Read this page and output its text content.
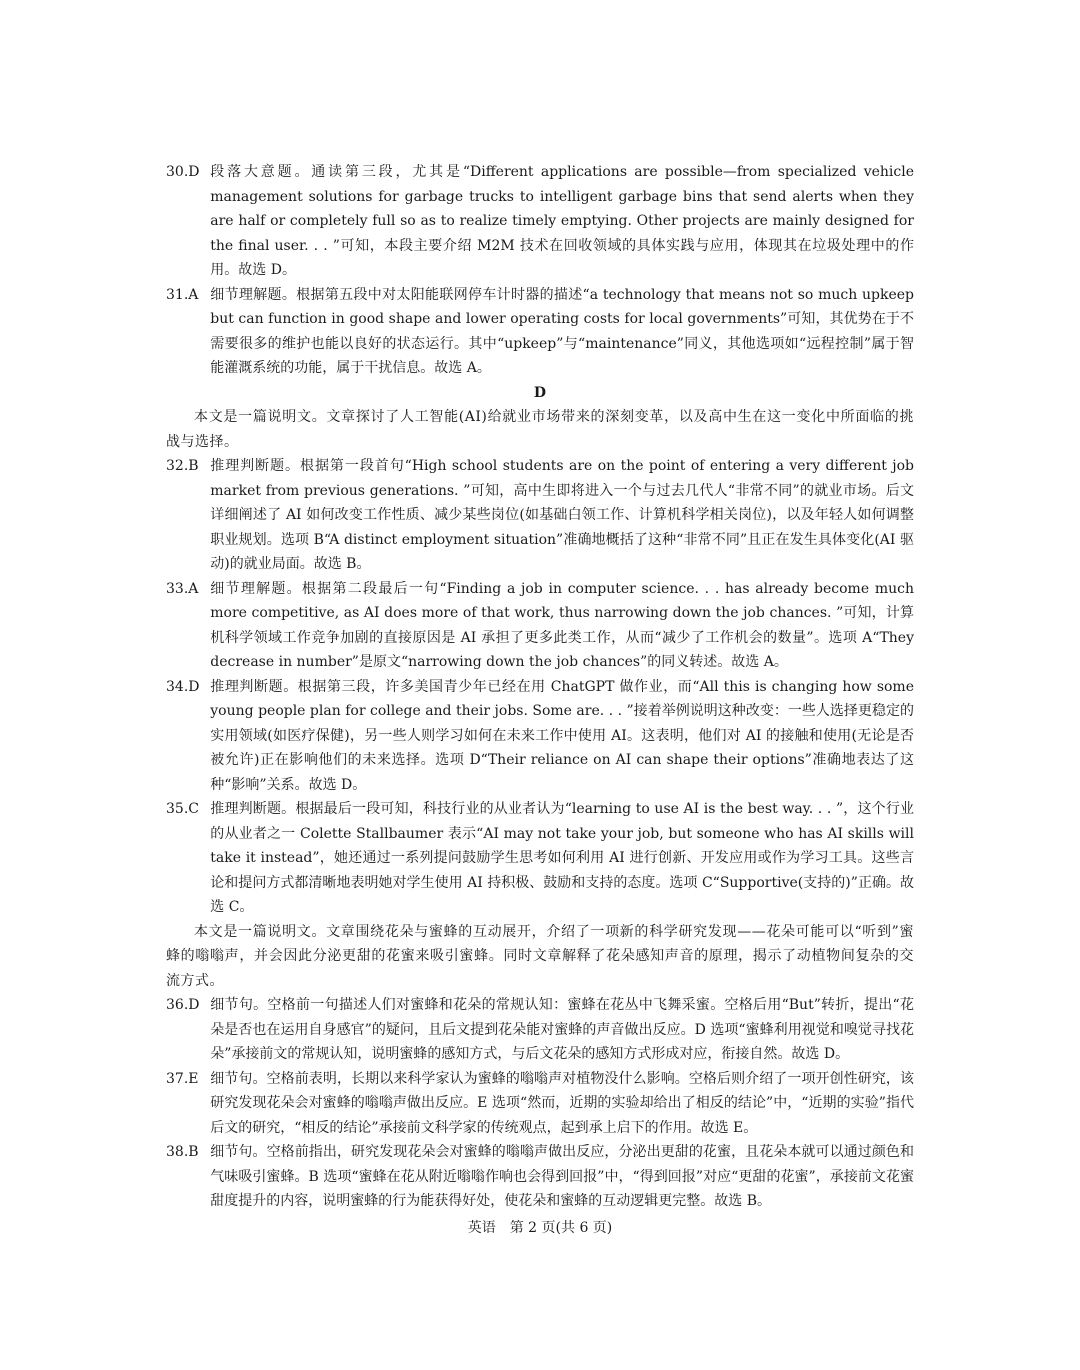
30. D 段落大意题。通读第三段，尤其是“Different applications are possible—from specialized vehicle management solutions for garbage trucks to intelligent garbage bins that send alerts when they are half or completely full so as to realize timely emptying. Other projects are mainly designed for the final user. . . ”可知，本段主要介绍 M2M 技术在回收领域的具体实践与应用，体现其在垃圾处理中的作用。故选 D。
31. A 细节理解题。根据第五段中对太阳能联网停车计时器的描述“a technology that means not so much upkeep but can function in good shape and lower operating costs for local governments”可知，其优势在于不需要很多的维护也能以良好的状态运行。其中“upkeep”与“maintenance”同义，其他选项如“远程控制”属于智能灌溉系统的功能，属于干扰信息。故选 A。
D
本文是一篇说明文。文章探讨了人工智能(AI)给就业市场带来的深刻变革，以及高中生在这一变化中所面临的挑战与选择。
32. B 推理判断题。根据第一段首句“High school students are on the point of entering a very different job market from previous generations. ”可知，高中生即将进入一个与过去几代人“非常不同”的就业市场。后文详细阐述了 AI 如何改变工作性质、减少某些岗位(如基础白领工作、计算机科学相关岗位)，以及年轻人如何调整职业规划。选项 B“A distinct employment situation”准确地概括了这种“非常不同”且正在发生具体变化(AI 驱动)的就业局面。故选 B。
33. A 细节理解题。根据第二段最后一句“Finding a job in computer science. . . has already become much more competitive, as AI does more of that work, thus narrowing down the job chances. ”可知，计算机科学领域工作竞争加剧的直接原因是 AI 承担了更多此类工作，从而“减少了工作机会的数量”。选项 A“They decrease in number”是原文“narrowing down the job chances”的同义转述。故选 A。
34. D 推理判断题。根据第三段，许多美国青少年已经在用 ChatGPT 做作业，而“All this is changing how some young people plan for college and their jobs. Some are. . . ”接着举例说明这种改变：一些人选择更稳定的实用领域(如医疗保健)，另一些人则学习如何在未来工作中使用 AI。这表明，他们对 AI 的接触和使用(无论是否被允许)正在影响他们的未来选择。选项 D“Their reliance on AI can shape their options”准确地表达了这种“影响”关系。故选 D。
35. C 推理判断题。根据最后一段可知，科技行业的从业者认为“learning to use AI is the best way. . . ”，这个行业的从业者之一 Colette Stallbaumer 表示“AI may not take your job, but someone who has AI skills will take it instead”，她还通过一系列提问鼓励学生思考如何利用 AI 进行创新、开发应用或作为学习工具。这些言论和提问方式都清晰地表明她对学生使用 AI 持积极、鼓励和支持的态度。选项 C“Supportive(支持的)”正确。故选 C。
本文是一篇说明文。文章围绕花朵与蜜蜂的互动展开，介绍了一项新的科学研究发现——花朵可能可以“听到”蜜蜂的嗡嗡声，并会因此分泌更甜的花蜜来吸引蜜蜂。同时文章解释了花朵感知声音的原理，揭示了动植物间复杂的交流方式。
36. D 细节句。空格前一句描述人们对蜜蜂和花朵的常规认知：蜜蜂在花丛中飞舞采蜜。空格后用“But”转折，提出“花朵是否也在运用自身感官”的疑问，且后文提到花朵能对蜜蜂的声音做出反应。D 选项“蜜蜂利用视觉和嗅觉寻找花朵”承接前文的常规认知，说明蜜蜂的感知方式，与后文花朵的感知方式形成对应，衔接自然。故选 D。
37. E 细节句。空格前表明，长期以来科学家认为蜜蜂的嗡嗡声对植物没什么影响。空格后则介绍了一项开创性研究，该研究发现花朵会对蜜蜂的嗡嗡声做出反应。E 选项“然而，近期的实验却给出了相反的结论”中，“近期的实验”指代后文的研究，“相反的结论”承接前文科学家的传统观点，起到承上启下的作用。故选 E。
38. B 细节句。空格前指出，研究发现花朵会对蜜蜂的嗡嗡声做出反应，分泌出更甜的花蜜，且花朵本就可以通过颜色和气味吸引蜜蜂。B 选项“蜜蜂在花从附近嗡嗡作响也会得到回报”中，“得到回报”对应“更甜的花蜜”，承接前文花蜜甜度提升的内容，说明蜜蜂的行为能获得好处，使花朵和蜜蜂的互动逻辑更完整。故选 B。
英语　第 2 页(共 6 页)
